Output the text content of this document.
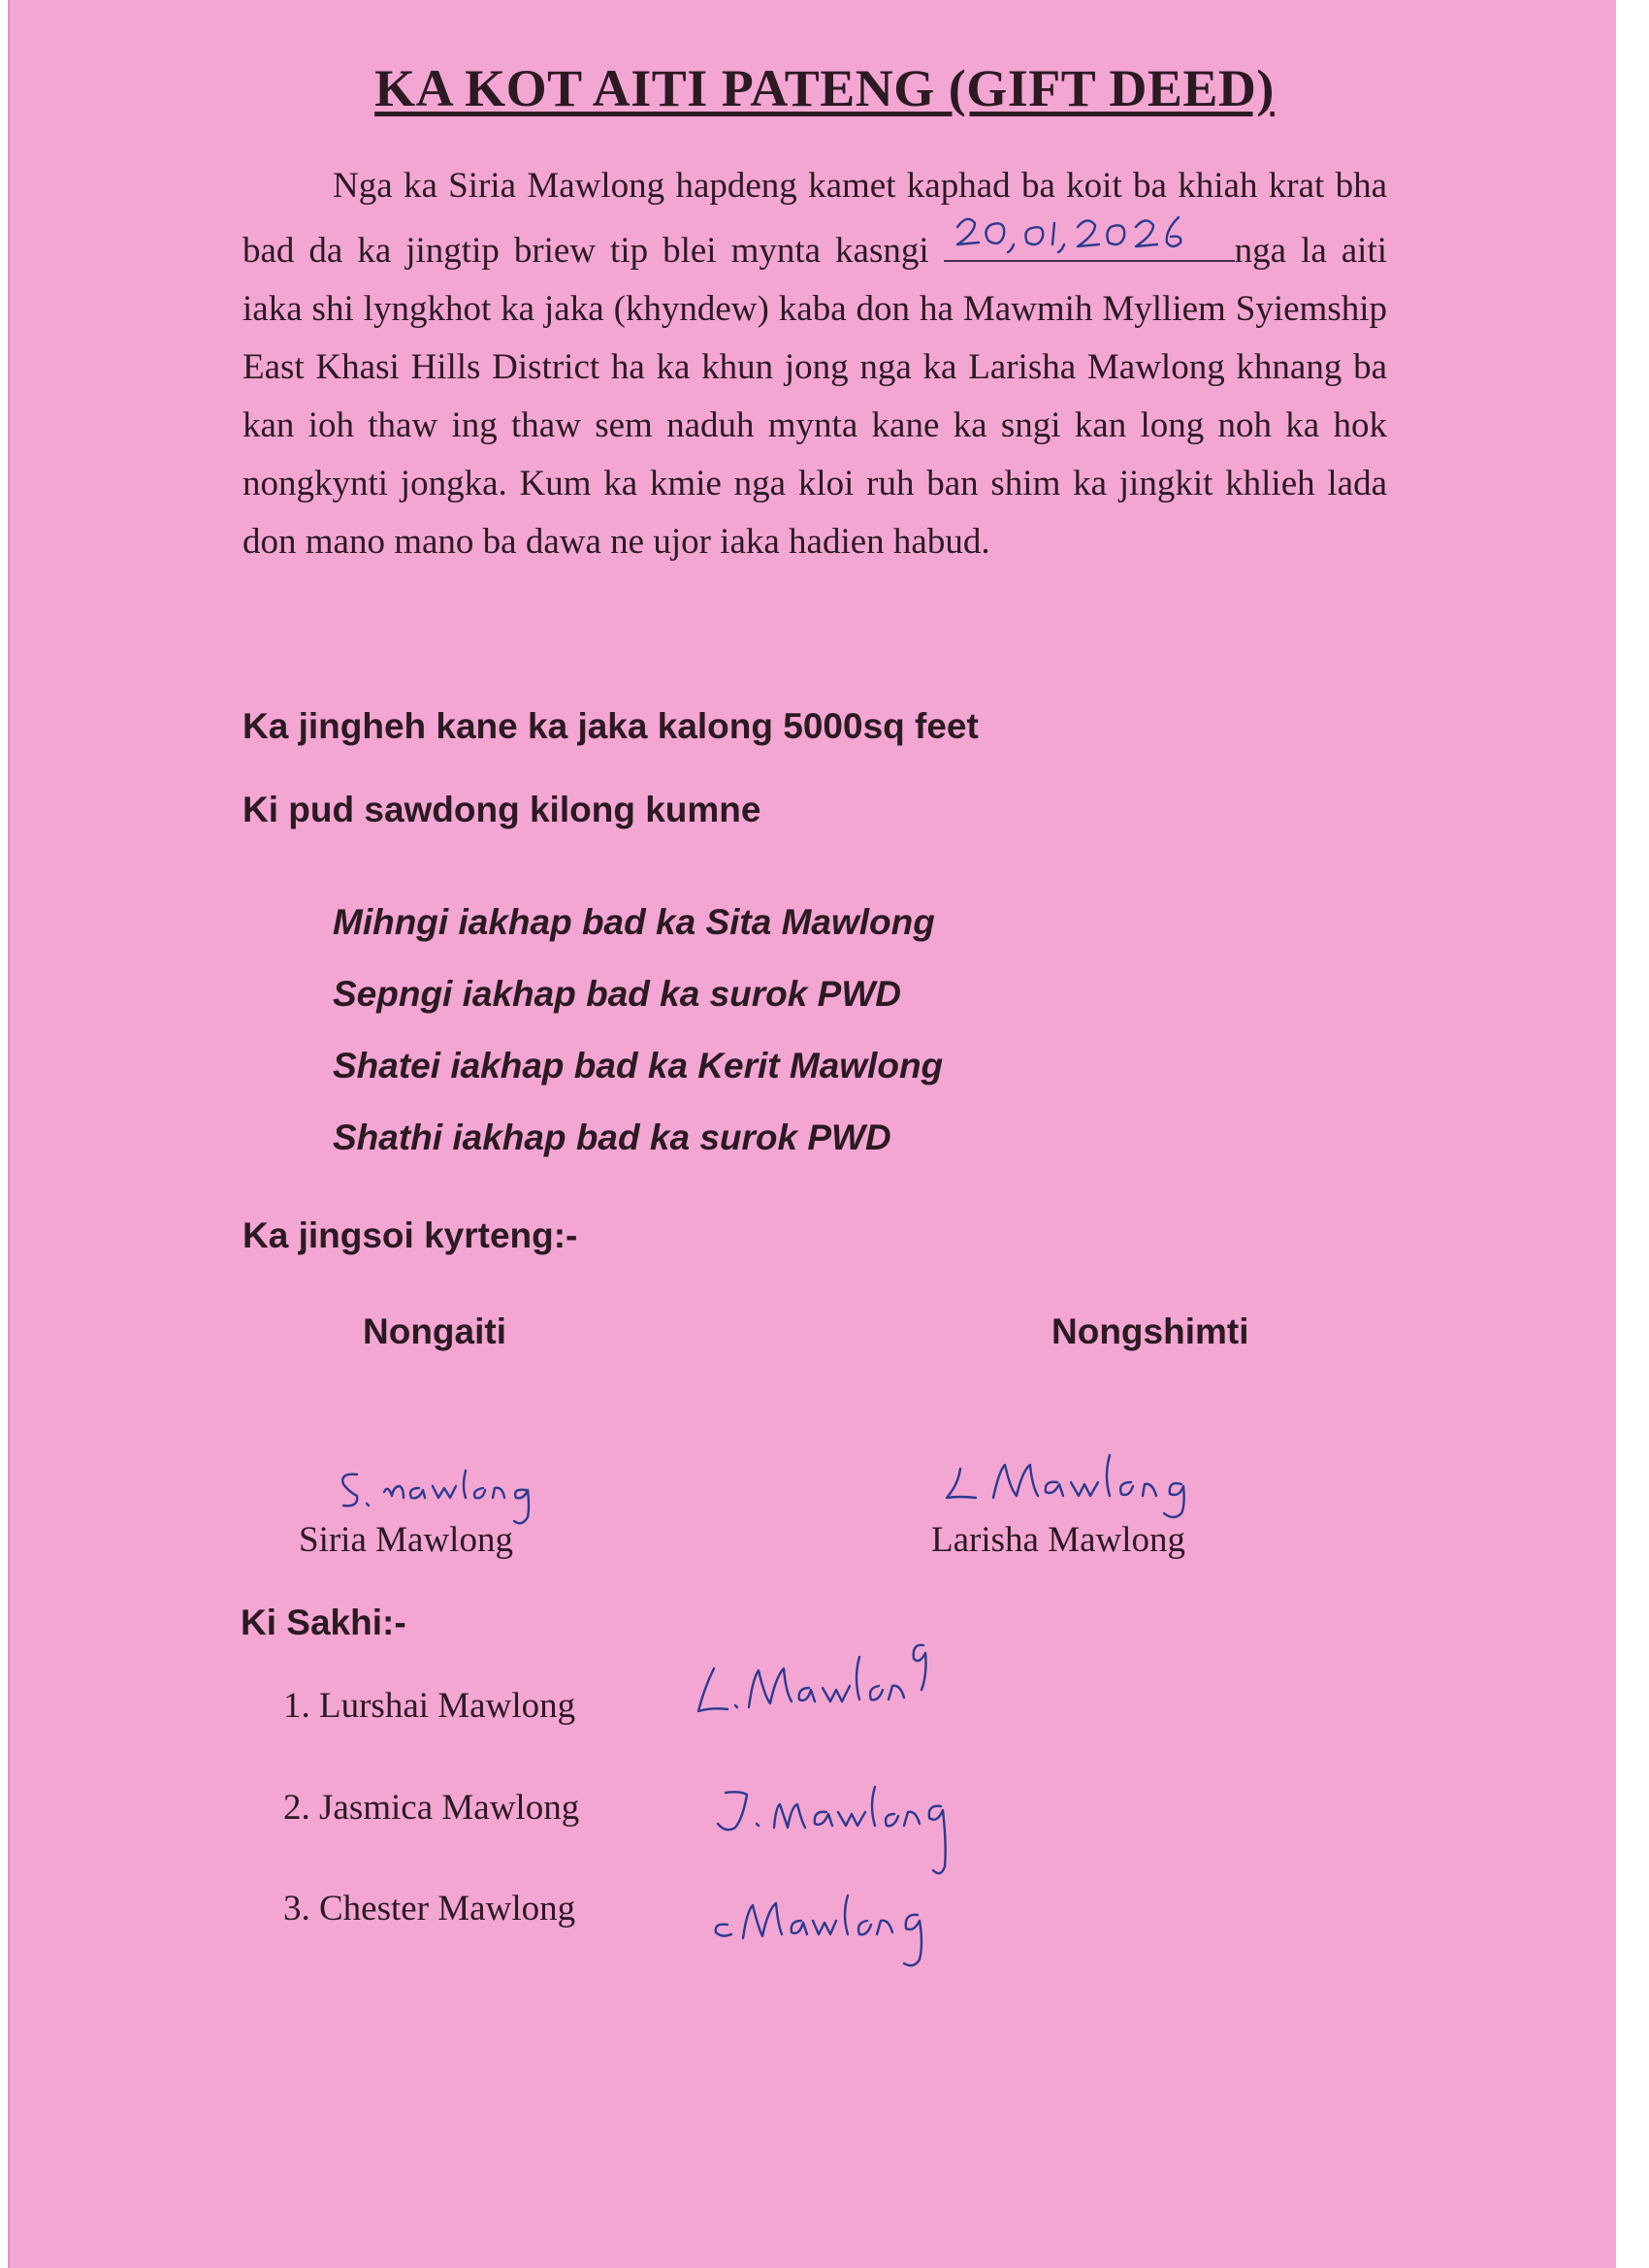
KA KOT AITI PATENG (GIFT DEED)
Nga ka Siria Mawlong hapdeng kamet kaphad ba koit ba khiah krat bha bad da ka jingtip briew tip blei mynta kasngi	nga la aiti iaka shi lyngkhot ka jaka (khyndew) kaba don ha Mawmih Mylliem Syiemship East Khasi Hills District ha ka khun jong nga ka Larisha Mawlong khnang ba kan ioh thaw ing thaw sem naduh mynta kane ka sngi kan long noh ka hok nongkynti jongka. Kum ka kmie nga kloi ruh ban shim ka jingkit khlieh lada don mano mano ba dawa ne ujor iaka hadien habud.
Ka jingheh kane ka jaka kalong 5000sq feet
Ki pud sawdong kilong kumne
Mihngi iakhap bad ka Sita Mawlong
Sepngi iakhap bad ka surok PWD
Shatei iakhap bad ka Kerit Mawlong
Shathi iakhap bad ka surok PWD
Ka jingsoi kyrteng:-
Nongaiti	Nongshimti
Siria Mawlong	Larisha Mawlong
Ki Sakhi:-
1. Lurshai Mawlong
2. Jasmica Mawlong
3. Chester Mawlong
